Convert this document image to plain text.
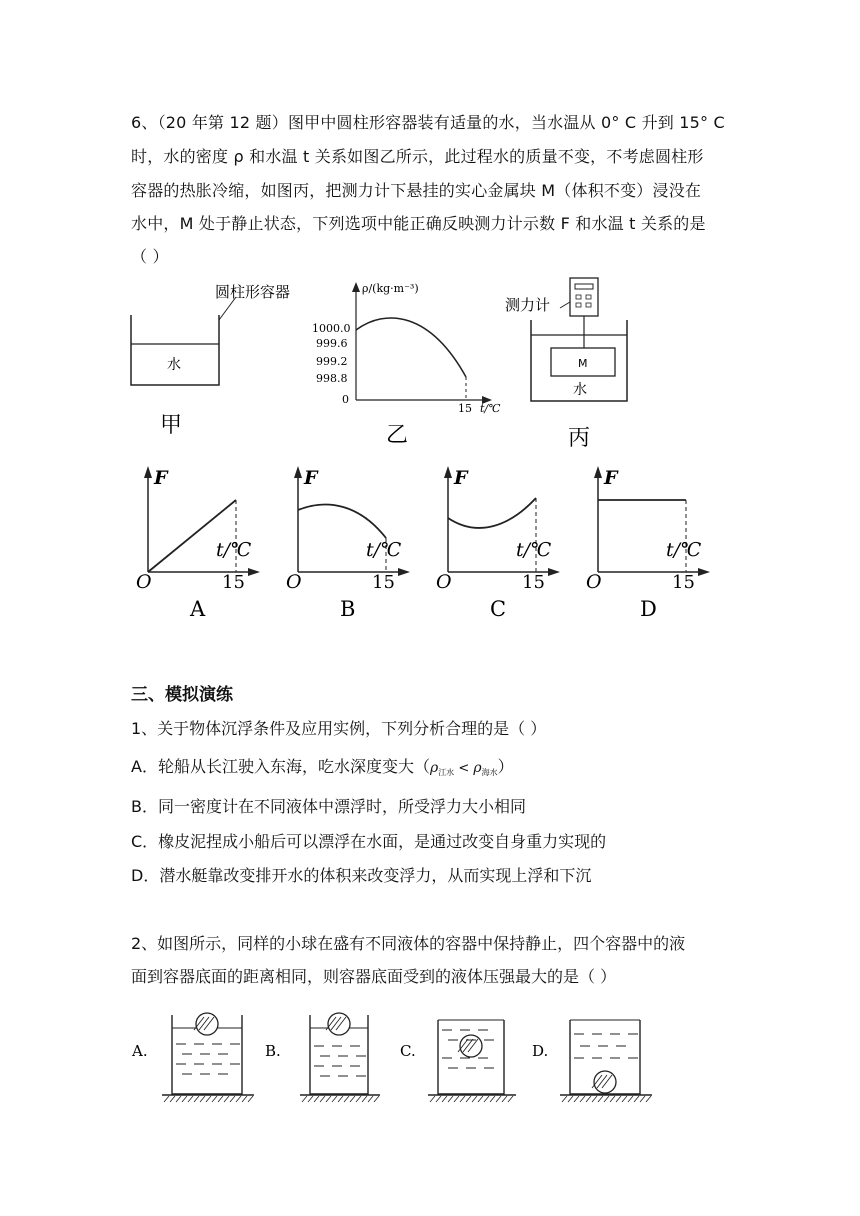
6、（20 年第 12 题）图甲中圆柱形容器装有适量的水，当水温从 0° C 升到 15° C
时，水的密度 ρ 和水温 t 关系如图乙所示，此过程水的质量不变，不考虑圆柱形
容器的热胀冷缩，如图丙，把测力计下悬挂的实心金属块 M（体积不变）浸没在
水中，M 处于静止状态，下列选项中能正确反映测力计示数 F 和水温 t 关系的是
（ ）
圆柱形容器
水
甲
ρ/(kg·m⁻³)
1000.0
999.6
999.2
998.8
0
15 t/℃
乙
测力计
M
水
丙
F
t/℃
O	15
A
F
t/℃
O	15
B
F
t/℃
O	15
C
F
t/℃
O	15
D
三、模拟演练
1、关于物体沉浮条件及应用实例，下列分析合理的是（ ）
A．轮船从长江驶入东海，吃水深度变大$(\rho_{江水} < \rho_{海水})$
B．同一密度计在不同液体中漂浮时，所受浮力大小相同
C．橡皮泥捏成小船后可以漂浮在水面，是通过改变自身重力实现的
D．潜水艇靠改变排开水的体积来改变浮力，从而实现上浮和下沉
2、如图所示，同样的小球在盛有不同液体的容器中保持静止，四个容器中的液
面到容器底面的距离相同，则容器底面受到的液体压强最大的是（ ）
A.	B.	C.	D.
